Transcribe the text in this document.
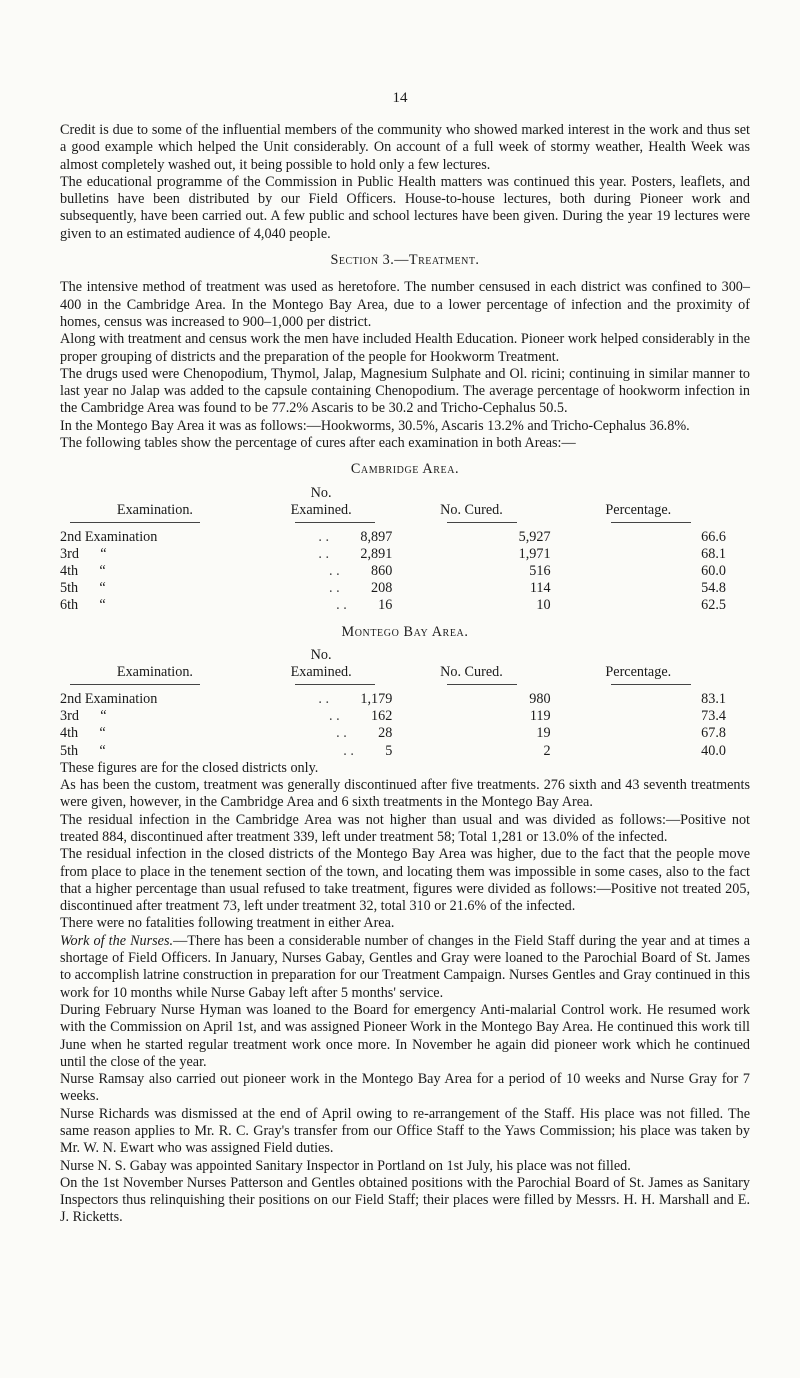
14

Credit is due to some of the influential members of the community who showed marked interest in the work and thus set a good example which helped the Unit considerably. On account of a full week of stormy weather, Health Week was almost completely washed out, it being possible to hold only a few lectures.

The educational programme of the Commission in Public Health matters was continued this year. Posters, leaflets, and bulletins have been distributed by our Field Officers. House-to-house lectures, both during Pioneer work and subsequently, have been carried out. A few public and school lectures have been given. During the year 19 lectures were given to an estimated audience of 4,040 people.

Section 3.—Treatment.

The intensive method of treatment was used as heretofore. The number censused in each district was confined to 300–400 in the Cambridge Area. In the Montego Bay Area, due to a lower percentage of infection and the proximity of homes, census was increased to 900–1,000 per district.

Along with treatment and census work the men have included Health Education. Pioneer work helped considerably in the proper grouping of districts and the preparation of the people for Hookworm Treatment.

The drugs used were Chenopodium, Thymol, Jalap, Magnesium Sulphate and Ol. ricini; continuing in similar manner to last year no Jalap was added to the capsule containing Chenopodium. The average percentage of hookworm infection in the Cambridge Area was found to be 77.2% Ascaris to be 30.2 and Tricho-Cephalus 50.5.

In the Montego Bay Area it was as follows:—Hookworms, 30.5%, Ascaris 13.2% and Tricho-Cephalus 36.8%.

The following tables show the percentage of cures after each examination in both Areas:—

Cambridge Area.
Examination.	No.
Examined.	No. Cured.	Percentage.

2nd Examination	. . 8,897	5,927	66.6
3rd      “	. . 2,891	1,971	68.1
4th      “	. . 860	516	60.0
5th      “	. . 208	114	54.8
6th      “	. . 16	10	62.5
Montego Bay Area.
Examination.	No.
Examined.	No. Cured.	Percentage.

2nd Examination	. . 1,179	980	83.1
3rd      “	. . 162	119	73.4
4th      “	. . 28	19	67.8
5th      “	. . 5	2	40.0

These figures are for the closed districts only.

As has been the custom, treatment was generally discontinued after five treatments. 276 sixth and 43 seventh treatments were given, however, in the Cambridge Area and 6 sixth treatments in the Montego Bay Area.

The residual infection in the Cambridge Area was not higher than usual and was divided as follows:—Positive not treated 884, discontinued after treatment 339, left under treatment 58; Total 1,281 or 13.0% of the infected.

The residual infection in the closed districts of the Montego Bay Area was higher, due to the fact that the people move from place to place in the tenement section of the town, and locating them was impossible in some cases, also to the fact that a higher percentage than usual refused to take treatment, figures were divided as follows:—Positive not treated 205, discontinued after treatment 73, left under treatment 32, total 310 or 21.6% of the infected.

There were no fatalities following treatment in either Area.

Work of the Nurses.—There has been a considerable number of changes in the Field Staff during the year and at times a shortage of Field Officers. In January, Nurses Gabay, Gentles and Gray were loaned to the Parochial Board of St. James to accomplish latrine construction in preparation for our Treatment Campaign. Nurses Gentles and Gray continued in this work for 10 months while Nurse Gabay left after 5 months' service.

During February Nurse Hyman was loaned to the Board for emergency Anti-malarial Control work. He resumed work with the Commission on April 1st, and was assigned Pioneer Work in the Montego Bay Area. He continued this work till June when he started regular treatment work once more. In November he again did pioneer work which he continued until the close of the year.

Nurse Ramsay also carried out pioneer work in the Montego Bay Area for a period of 10 weeks and Nurse Gray for 7 weeks.

Nurse Richards was dismissed at the end of April owing to re-arrangement of the Staff. His place was not filled. The same reason applies to Mr. R. C. Gray's transfer from our Office Staff to the Yaws Commission; his place was taken by Mr. W. N. Ewart who was assigned Field duties.

Nurse N. S. Gabay was appointed Sanitary Inspector in Portland on 1st July, his place was not filled.

On the 1st November Nurses Patterson and Gentles obtained positions with the Parochial Board of St. James as Sanitary Inspectors thus relinquishing their positions on our Field Staff; their places were filled by Messrs. H. H. Marshall and E. J. Ricketts.
